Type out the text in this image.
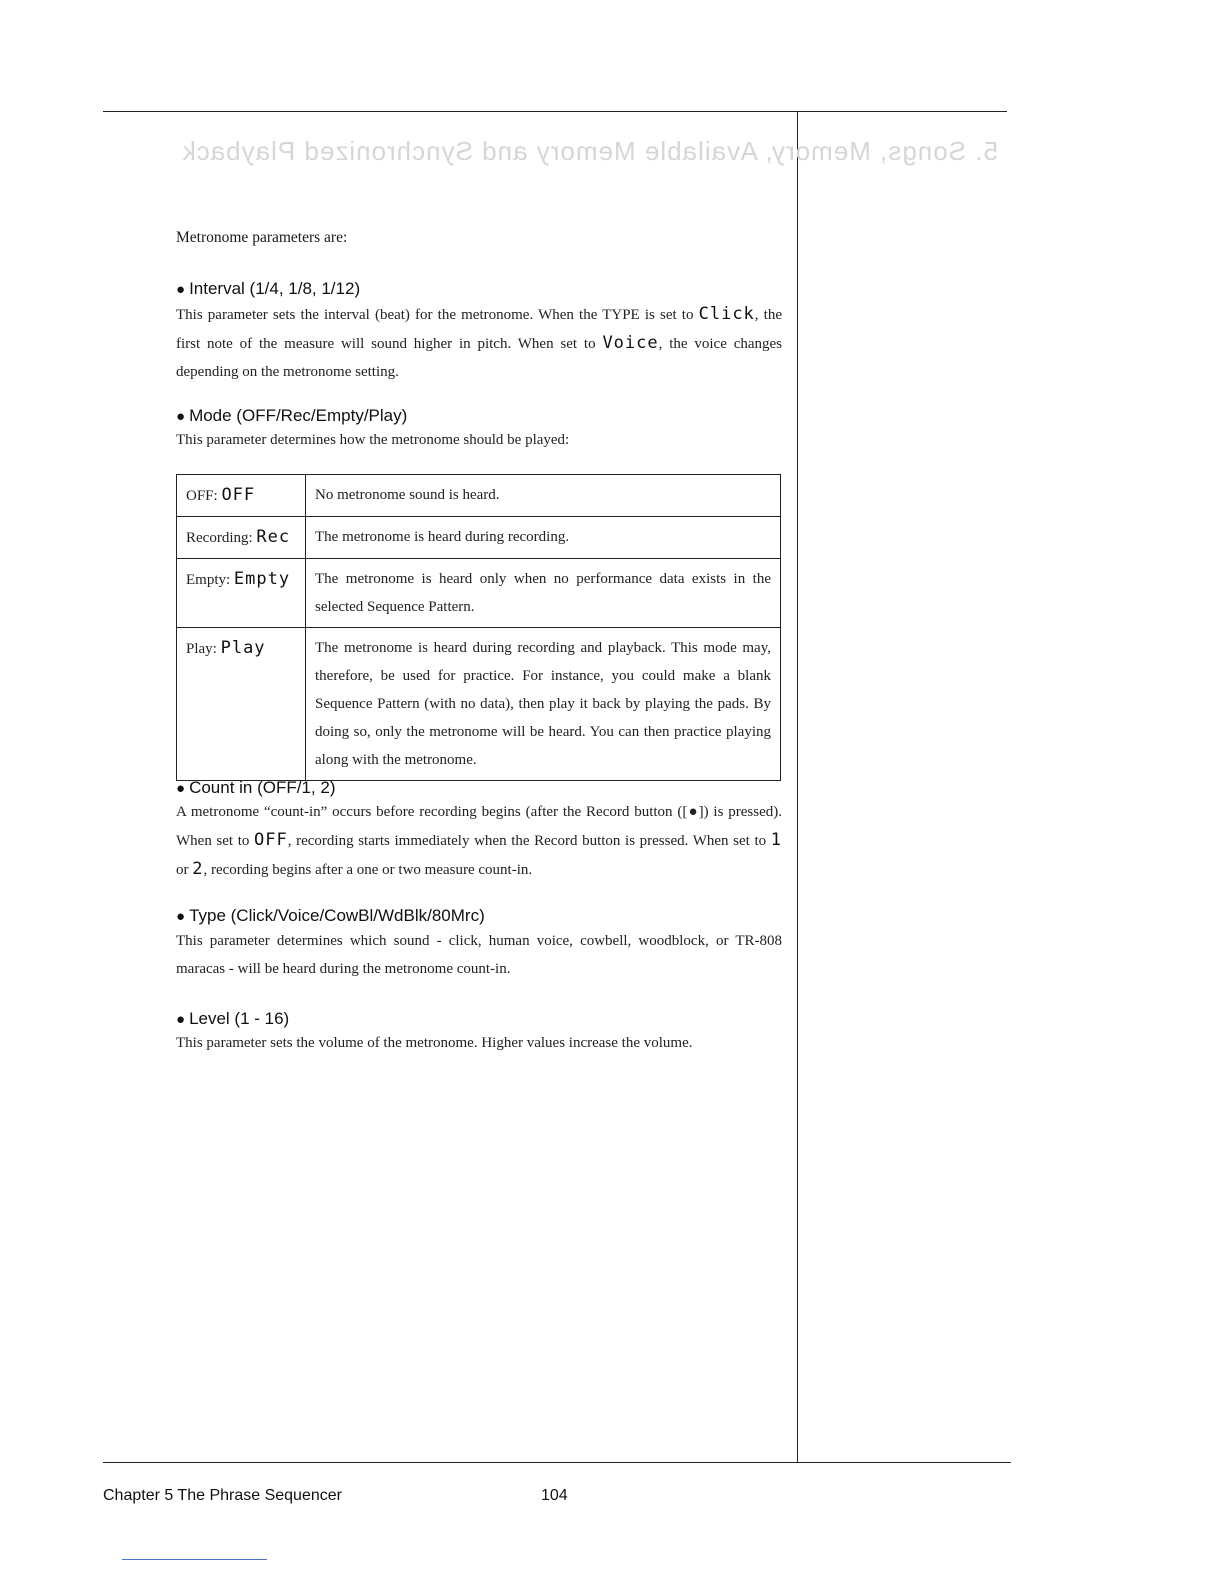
5. Songs, Memory, Available Memory and Synchronized Playback
Metronome parameters are:
● Interval (1/4, 1/8, 1/12)
This parameter sets the interval (beat) for the metronome. When the TYPE is set to Click, the first note of the measure will sound higher in pitch. When set to Voice, the voice changes depending on the metronome setting.
● Mode (OFF/Rec/Empty/Play)
This parameter determines how the metronome should be played:
OFF: OFF	No metronome sound is heard.
Recording: Rec	The metronome is heard during recording.
Empty: Empty	The metronome is heard only when no performance data exists in the selected Sequence Pattern.
Play: Play	The metronome is heard during recording and playback. This mode may, therefore, be used for practice. For instance, you could make a blank Sequence Pattern (with no data), then play it back by playing the pads. By doing so, only the metronome will be heard. You can then practice playing along with the metronome.
● Count in (OFF/1, 2)
A metronome “count-in” occurs before recording begins (after the Record button ([●]) is pressed). When set to OFF, recording starts immediately when the Record button is pressed. When set to 1 or 2, recording begins after a one or two measure count-in.
● Type (Click/Voice/CowBl/WdBlk/80Mrc)
This parameter determines which sound - click, human voice, cowbell, woodblock, or TR-808 maracas - will be heard during the metronome count-in.
● Level (1 - 16)
This parameter sets the volume of the metronome. Higher values increase the volume.
Chapter 5 The Phrase Sequencer	104
